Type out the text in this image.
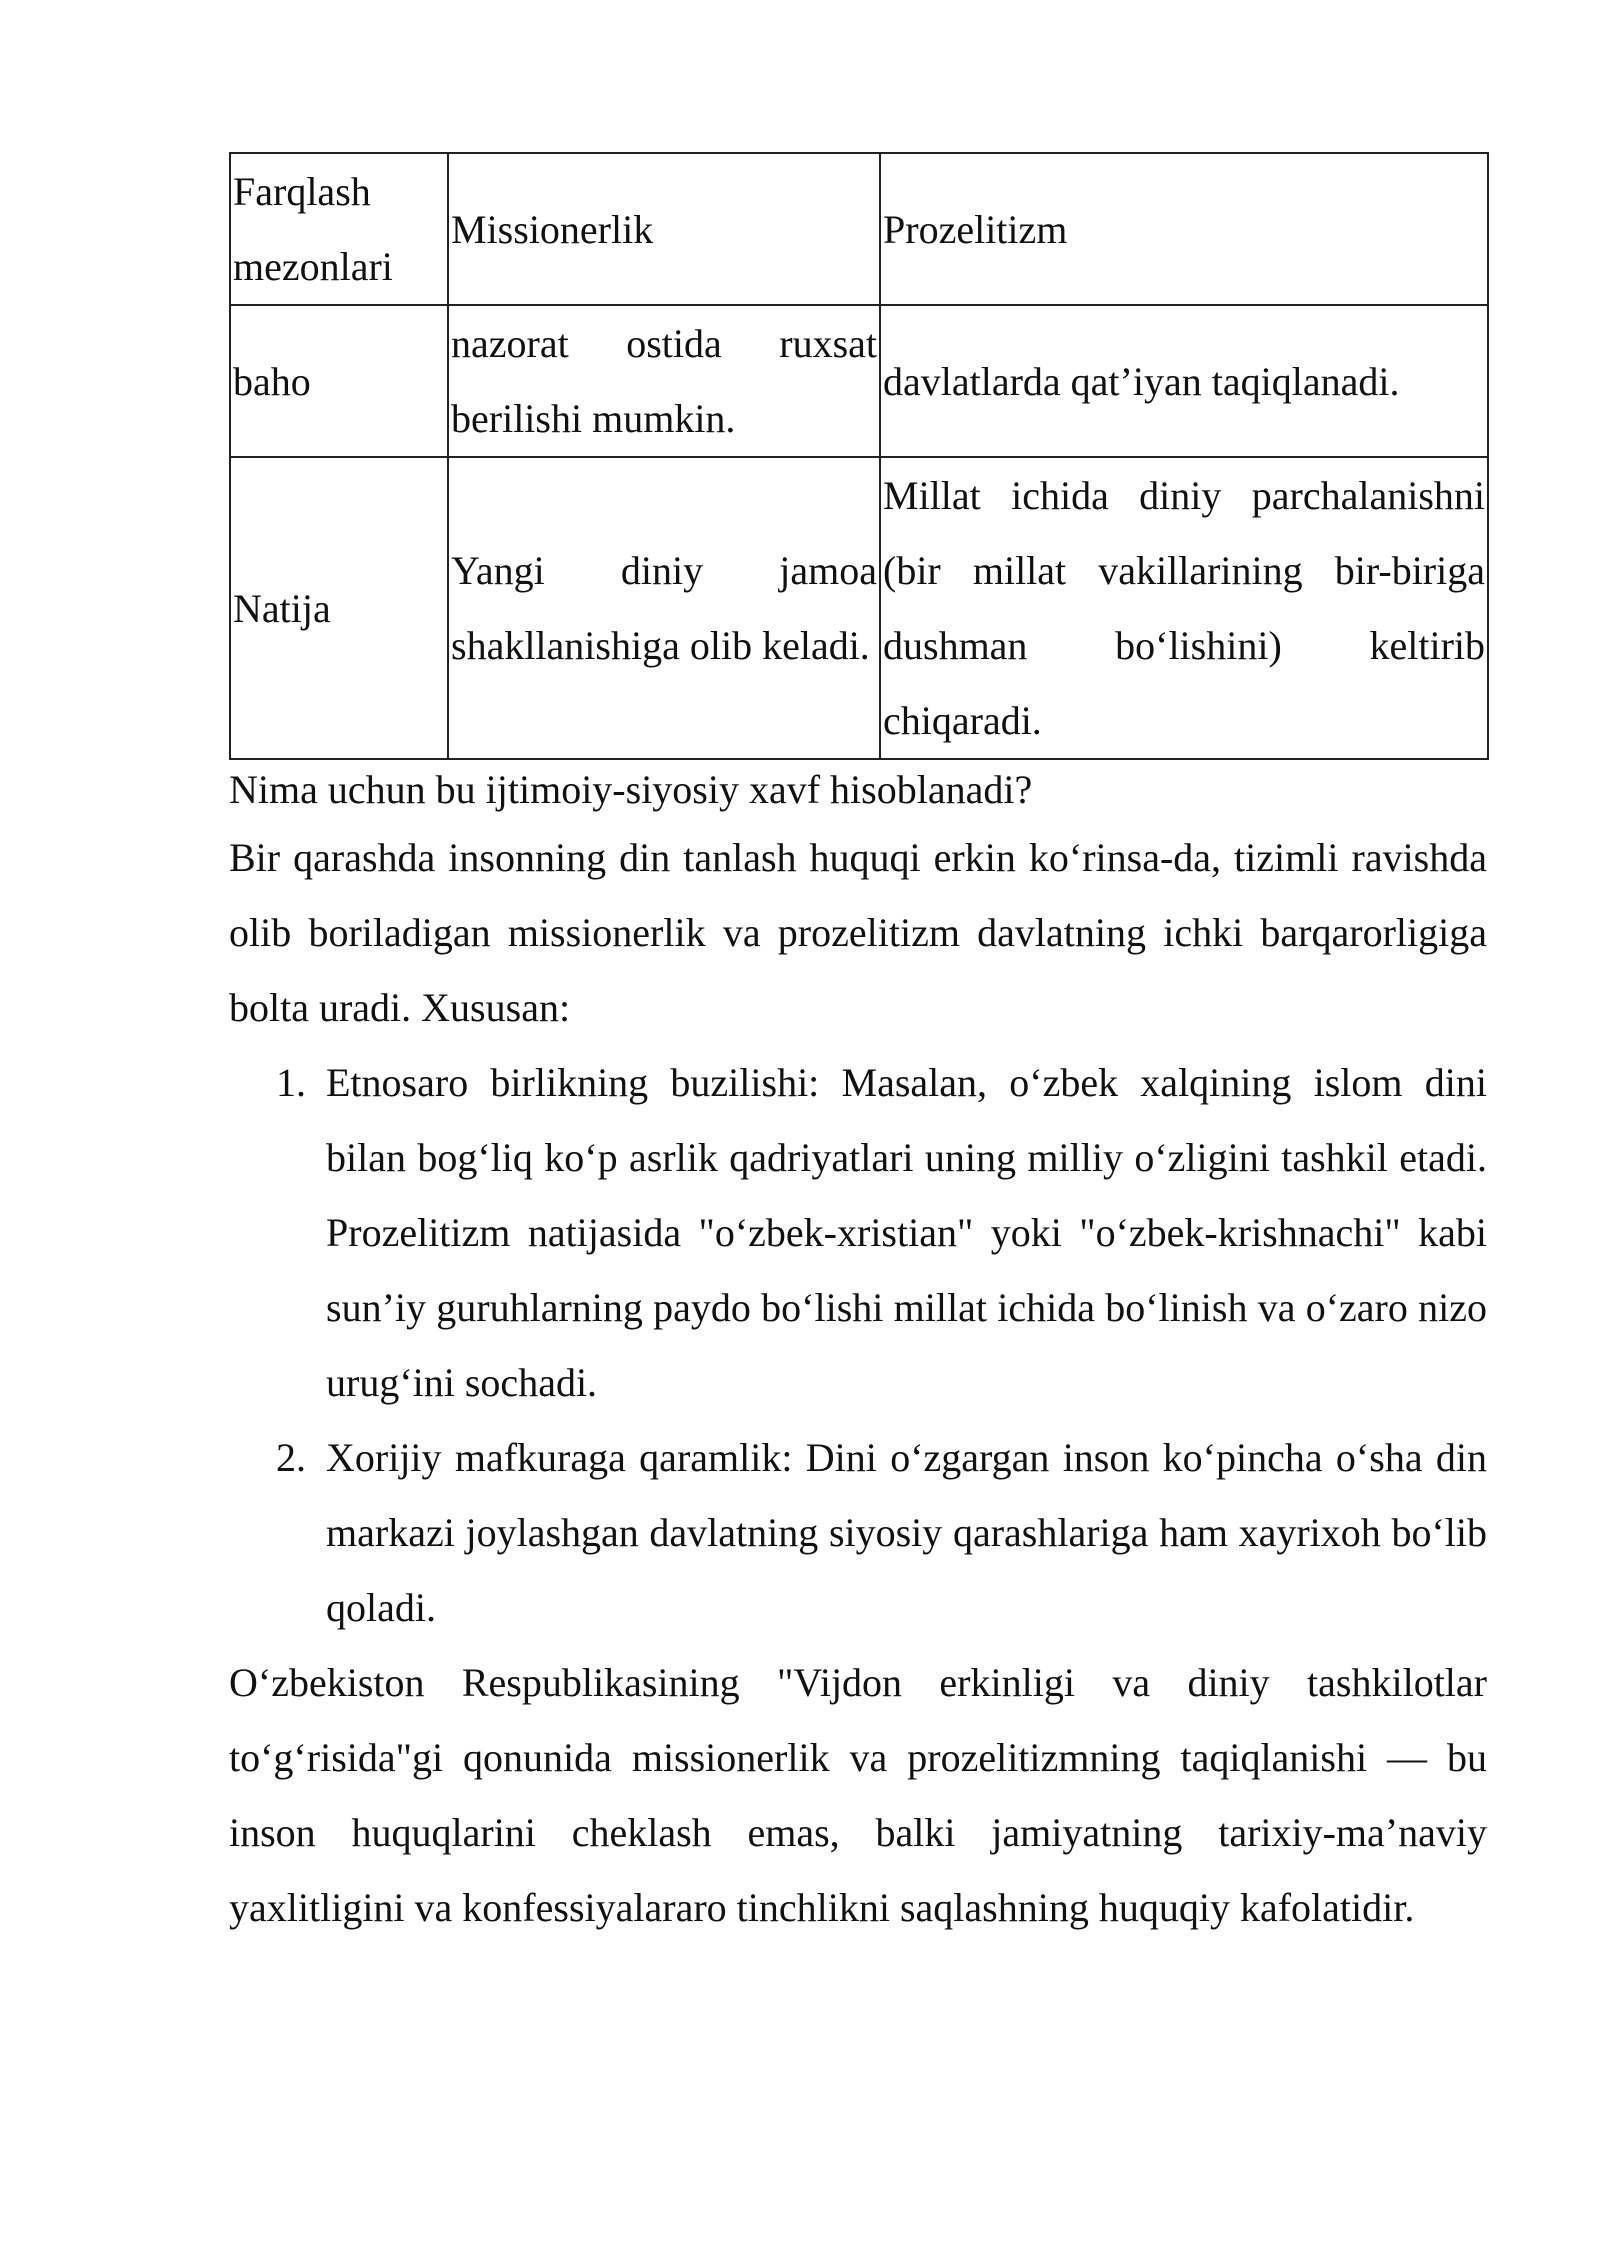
Farqlash mezonlari	Missionerlik	Prozelitizm
baho	nazorat ostida ruxsat berilishi mumkin.	davlatlarda qat’iyan taqiqlanadi.
Natija	Yangi diniy jamoa shakllanishiga olib keladi.	Millat ichida diniy parchalanishni (bir millat vakillarining bir-biriga dushman bo‘lishini) keltirib chiqaradi.

Nima uchun bu ijtimoiy-siyosiy xavf hisoblanadi?

Bir qarashda insonning din tanlash huquqi erkin ko‘rinsa-da, tizimli ravishda olib boriladigan missionerlik va prozelitizm davlatning ichki barqarorligiga bolta uradi. Xususan:

1. Etnosaro birlikning buzilishi: Masalan, o‘zbek xalqining islom dini bilan bog‘liq ko‘p asrlik qadriyatlari uning milliy o‘zligini tashkil etadi. Prozelitizm natijasida "o‘zbek-xristian" yoki "o‘zbek-krishnachi" kabi sun’iy guruhlarning paydo bo‘lishi millat ichida bo‘linish va o‘zaro nizo urug‘ini sochadi.
2. Xorijiy mafkuraga qaramlik: Dini o‘zgargan inson ko‘pincha o‘sha din markazi joylashgan davlatning siyosiy qarashlariga ham xayrixoh bo‘lib qoladi.

O‘zbekiston Respublikasining "Vijdon erkinligi va diniy tashkilotlar to‘g‘risida"gi qonunida missionerlik va prozelitizmning taqiqlanishi — bu inson huquqlarini cheklash emas, balki jamiyatning tarixiy-ma’naviy yaxlitligini va konfessiyalararo tinchlikni saqlashning huquqiy kafolatidir.
